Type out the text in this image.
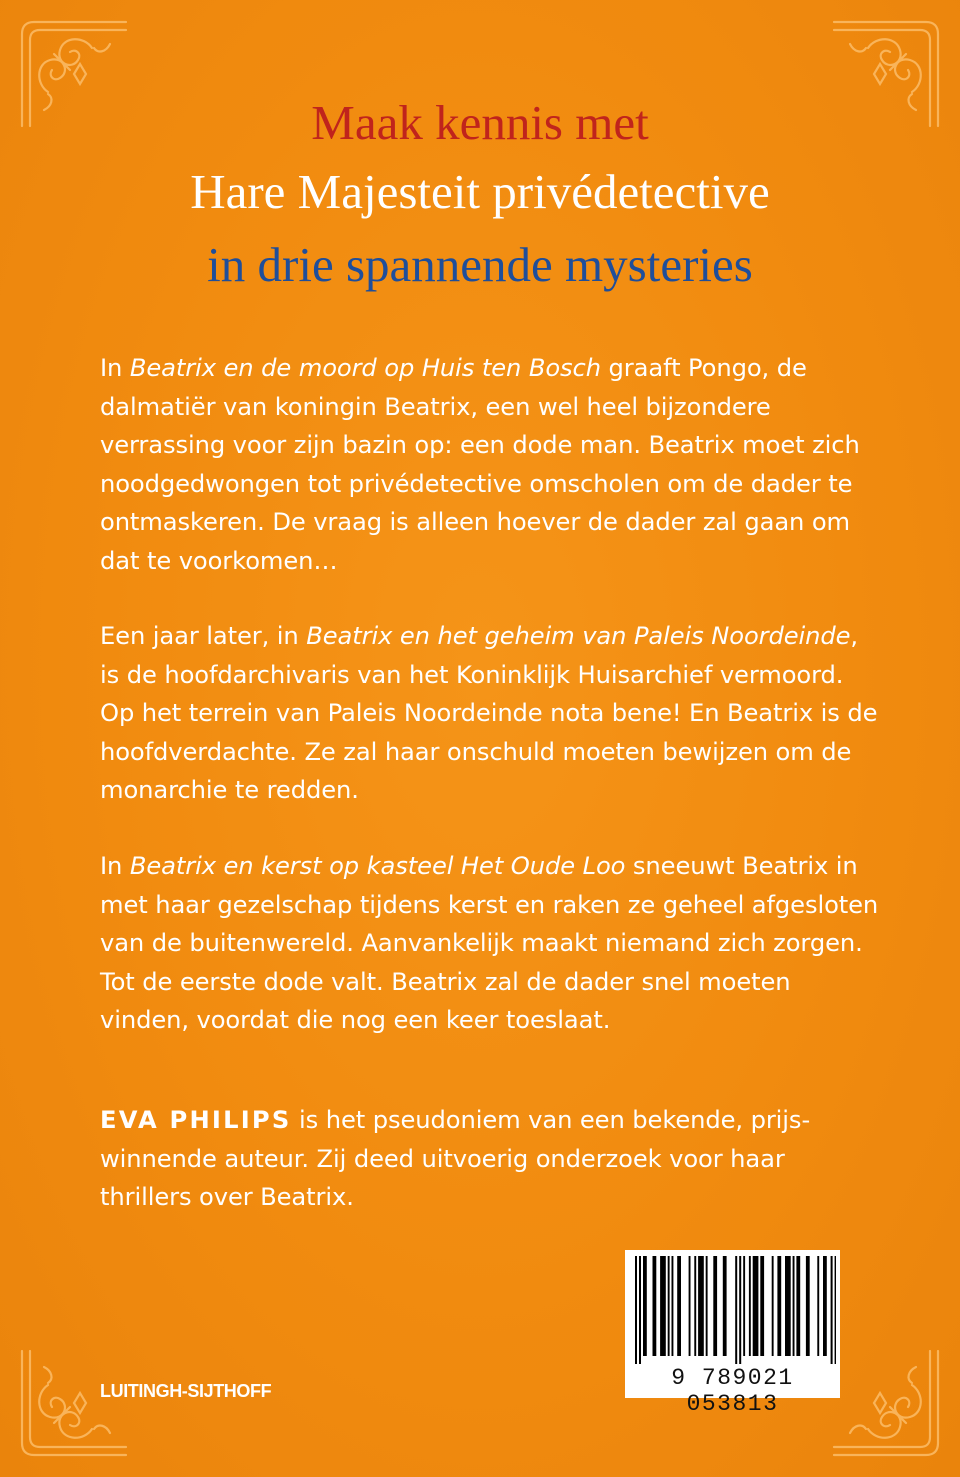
Maak kennis met
Hare Majesteit privédetective
in drie spannende mysteries

In Beatrix en de moord op Huis ten Bosch graaft Pongo, de dalmatiër van koningin Beatrix, een wel heel bijzondere verrassing voor zijn bazin op: een dode man. Beatrix moet zich noodgedwongen tot privédetective omscholen om de dader te ontmaskeren. De vraag is alleen hoever de dader zal gaan om dat te voorkomen…

Een jaar later, in Beatrix en het geheim van Paleis Noordeinde, is de hoofdarchivaris van het Koninklijk Huisarchief vermoord. Op het terrein van Paleis Noordeinde nota bene! En Beatrix is de hoofdverdachte. Ze zal haar onschuld moeten bewijzen om de monarchie te redden.

In Beatrix en kerst op kasteel Het Oude Loo sneeuwt Beatrix in met haar gezelschap tijdens kerst en raken ze geheel afgesloten van de buitenwereld. Aanvankelijk maakt niemand zich zorgen. Tot de eerste dode valt. Beatrix zal de dader snel moeten vinden, voordat die nog een keer toeslaat.

EVA PHILIPS is het pseudoniem van een bekende, prijswinnende auteur. Zij deed uitvoerig onderzoek voor haar thrillers over Beatrix.

LUITINGH-SIJTHOFF	9 789021 053813
